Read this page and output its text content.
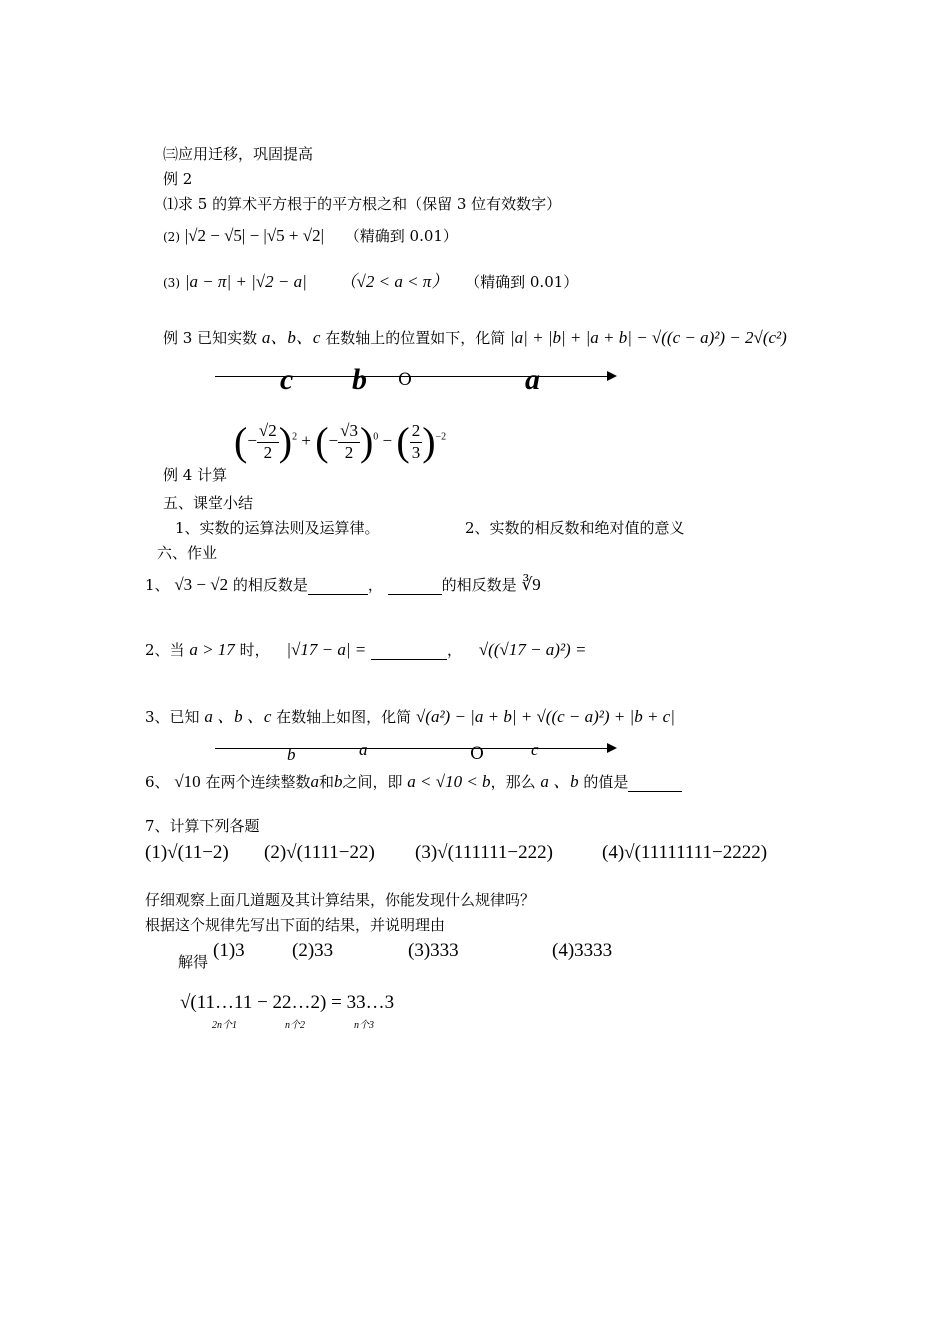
㈢应用迁移，巩固提高
例 2
⑴求 5 的算术平方根于的平方根之和（保留 3 位有效数字）
(2) |√2 − √5| − |√5 + √2| （精确到 0.01）
(3) |a − π| + |√2 − a| （√2 < a < π） （精确到 0.01）
例 3 已知实数 a、b、c 在数轴上的位置如下，化简 |a| + |b| + |a + b| − √((c − a)²) − 2√(c²)
c b O	a
例 4 计算
(− $\frac{√2}{2} )^2$ + (− $\frac{√3}{2} )^0$ − ( $\frac{2}{3} )^{-2}$
五、课堂小结
1、实数的运算法则及运算律。	2、实数的相反数和绝对值的意义
六、作业
1、 √3 − √2 的相反数是	，	的相反数是 ∛9
2、当 a > 17 时， |√17 − a| =	， √((√17 − a)²) =
3、已知 a 、b 、c 在数轴上如图，化简 √(a²) − |a + b| + √((c − a)²) + |b + c|
b	a	O	c
6、 √10 在两个连续整数a和b之间，即 a < √10 < b，那么 a 、b 的值是
7、计算下列各题
(1)√(11−2) (2)√(1111−22) (3)√(111111−222)	(4)√(11111111−2222)
仔细观察上面几道题及其计算结果，你能发现什么规律吗？
根据这个规律先写出下面的结果，并说明理由
解得
(1)3 (2)33	(3)333	(4)3333
√(11…11 − 22…2) = 33…3
2n个1	n个2	n个3
